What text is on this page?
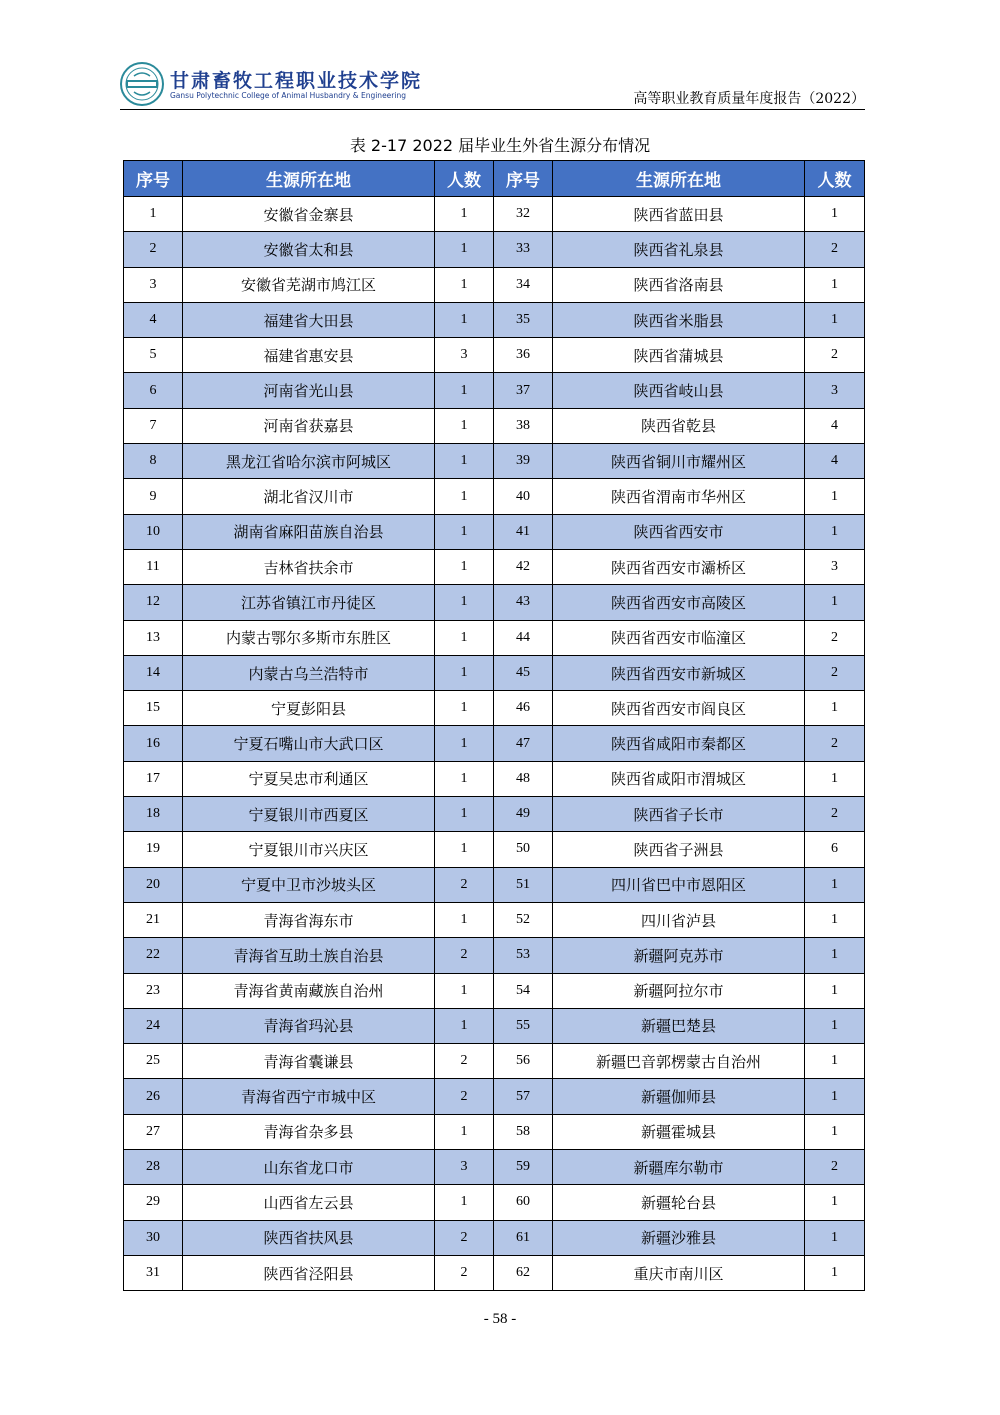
甘肃畜牧工程职业技术学院
Gansu Polytechnic College of Animal Husbandry & Engineering	高等职业教育质量年度报告（2022）
表 2-17 2022 届毕业生外省生源分布情况
序号	生源所在地	人数	序号	生源所在地	人数
1	安徽省金寨县	1	32	陕西省蓝田县	1
2	安徽省太和县	1	33	陕西省礼泉县	2
3	安徽省芜湖市鸠江区	1	34	陕西省洛南县	1
4	福建省大田县	1	35	陕西省米脂县	1
5	福建省惠安县	3	36	陕西省蒲城县	2
6	河南省光山县	1	37	陕西省岐山县	3
7	河南省获嘉县	1	38	陕西省乾县	4
8	黑龙江省哈尔滨市阿城区	1	39	陕西省铜川市耀州区	4
9	湖北省汉川市	1	40	陕西省渭南市华州区	1
10	湖南省麻阳苗族自治县	1	41	陕西省西安市	1
11	吉林省扶余市	1	42	陕西省西安市灞桥区	3
12	江苏省镇江市丹徒区	1	43	陕西省西安市高陵区	1
13	内蒙古鄂尔多斯市东胜区	1	44	陕西省西安市临潼区	2
14	内蒙古乌兰浩特市	1	45	陕西省西安市新城区	2
15	宁夏彭阳县	1	46	陕西省西安市阎良区	1
16	宁夏石嘴山市大武口区	1	47	陕西省咸阳市秦都区	2
17	宁夏吴忠市利通区	1	48	陕西省咸阳市渭城区	1
18	宁夏银川市西夏区	1	49	陕西省子长市	2
19	宁夏银川市兴庆区	1	50	陕西省子洲县	6
20	宁夏中卫市沙坡头区	2	51	四川省巴中市恩阳区	1
21	青海省海东市	1	52	四川省泸县	1
22	青海省互助土族自治县	2	53	新疆阿克苏市	1
23	青海省黄南藏族自治州	1	54	新疆阿拉尔市	1
24	青海省玛沁县	1	55	新疆巴楚县	1
25	青海省囊谦县	2	56	新疆巴音郭楞蒙古自治州	1
26	青海省西宁市城中区	2	57	新疆伽师县	1
27	青海省杂多县	1	58	新疆霍城县	1
28	山东省龙口市	3	59	新疆库尔勒市	2
29	山西省左云县	1	60	新疆轮台县	1
30	陕西省扶风县	2	61	新疆沙雅县	1
31	陕西省泾阳县	2	62	重庆市南川区	1
- 58 -
